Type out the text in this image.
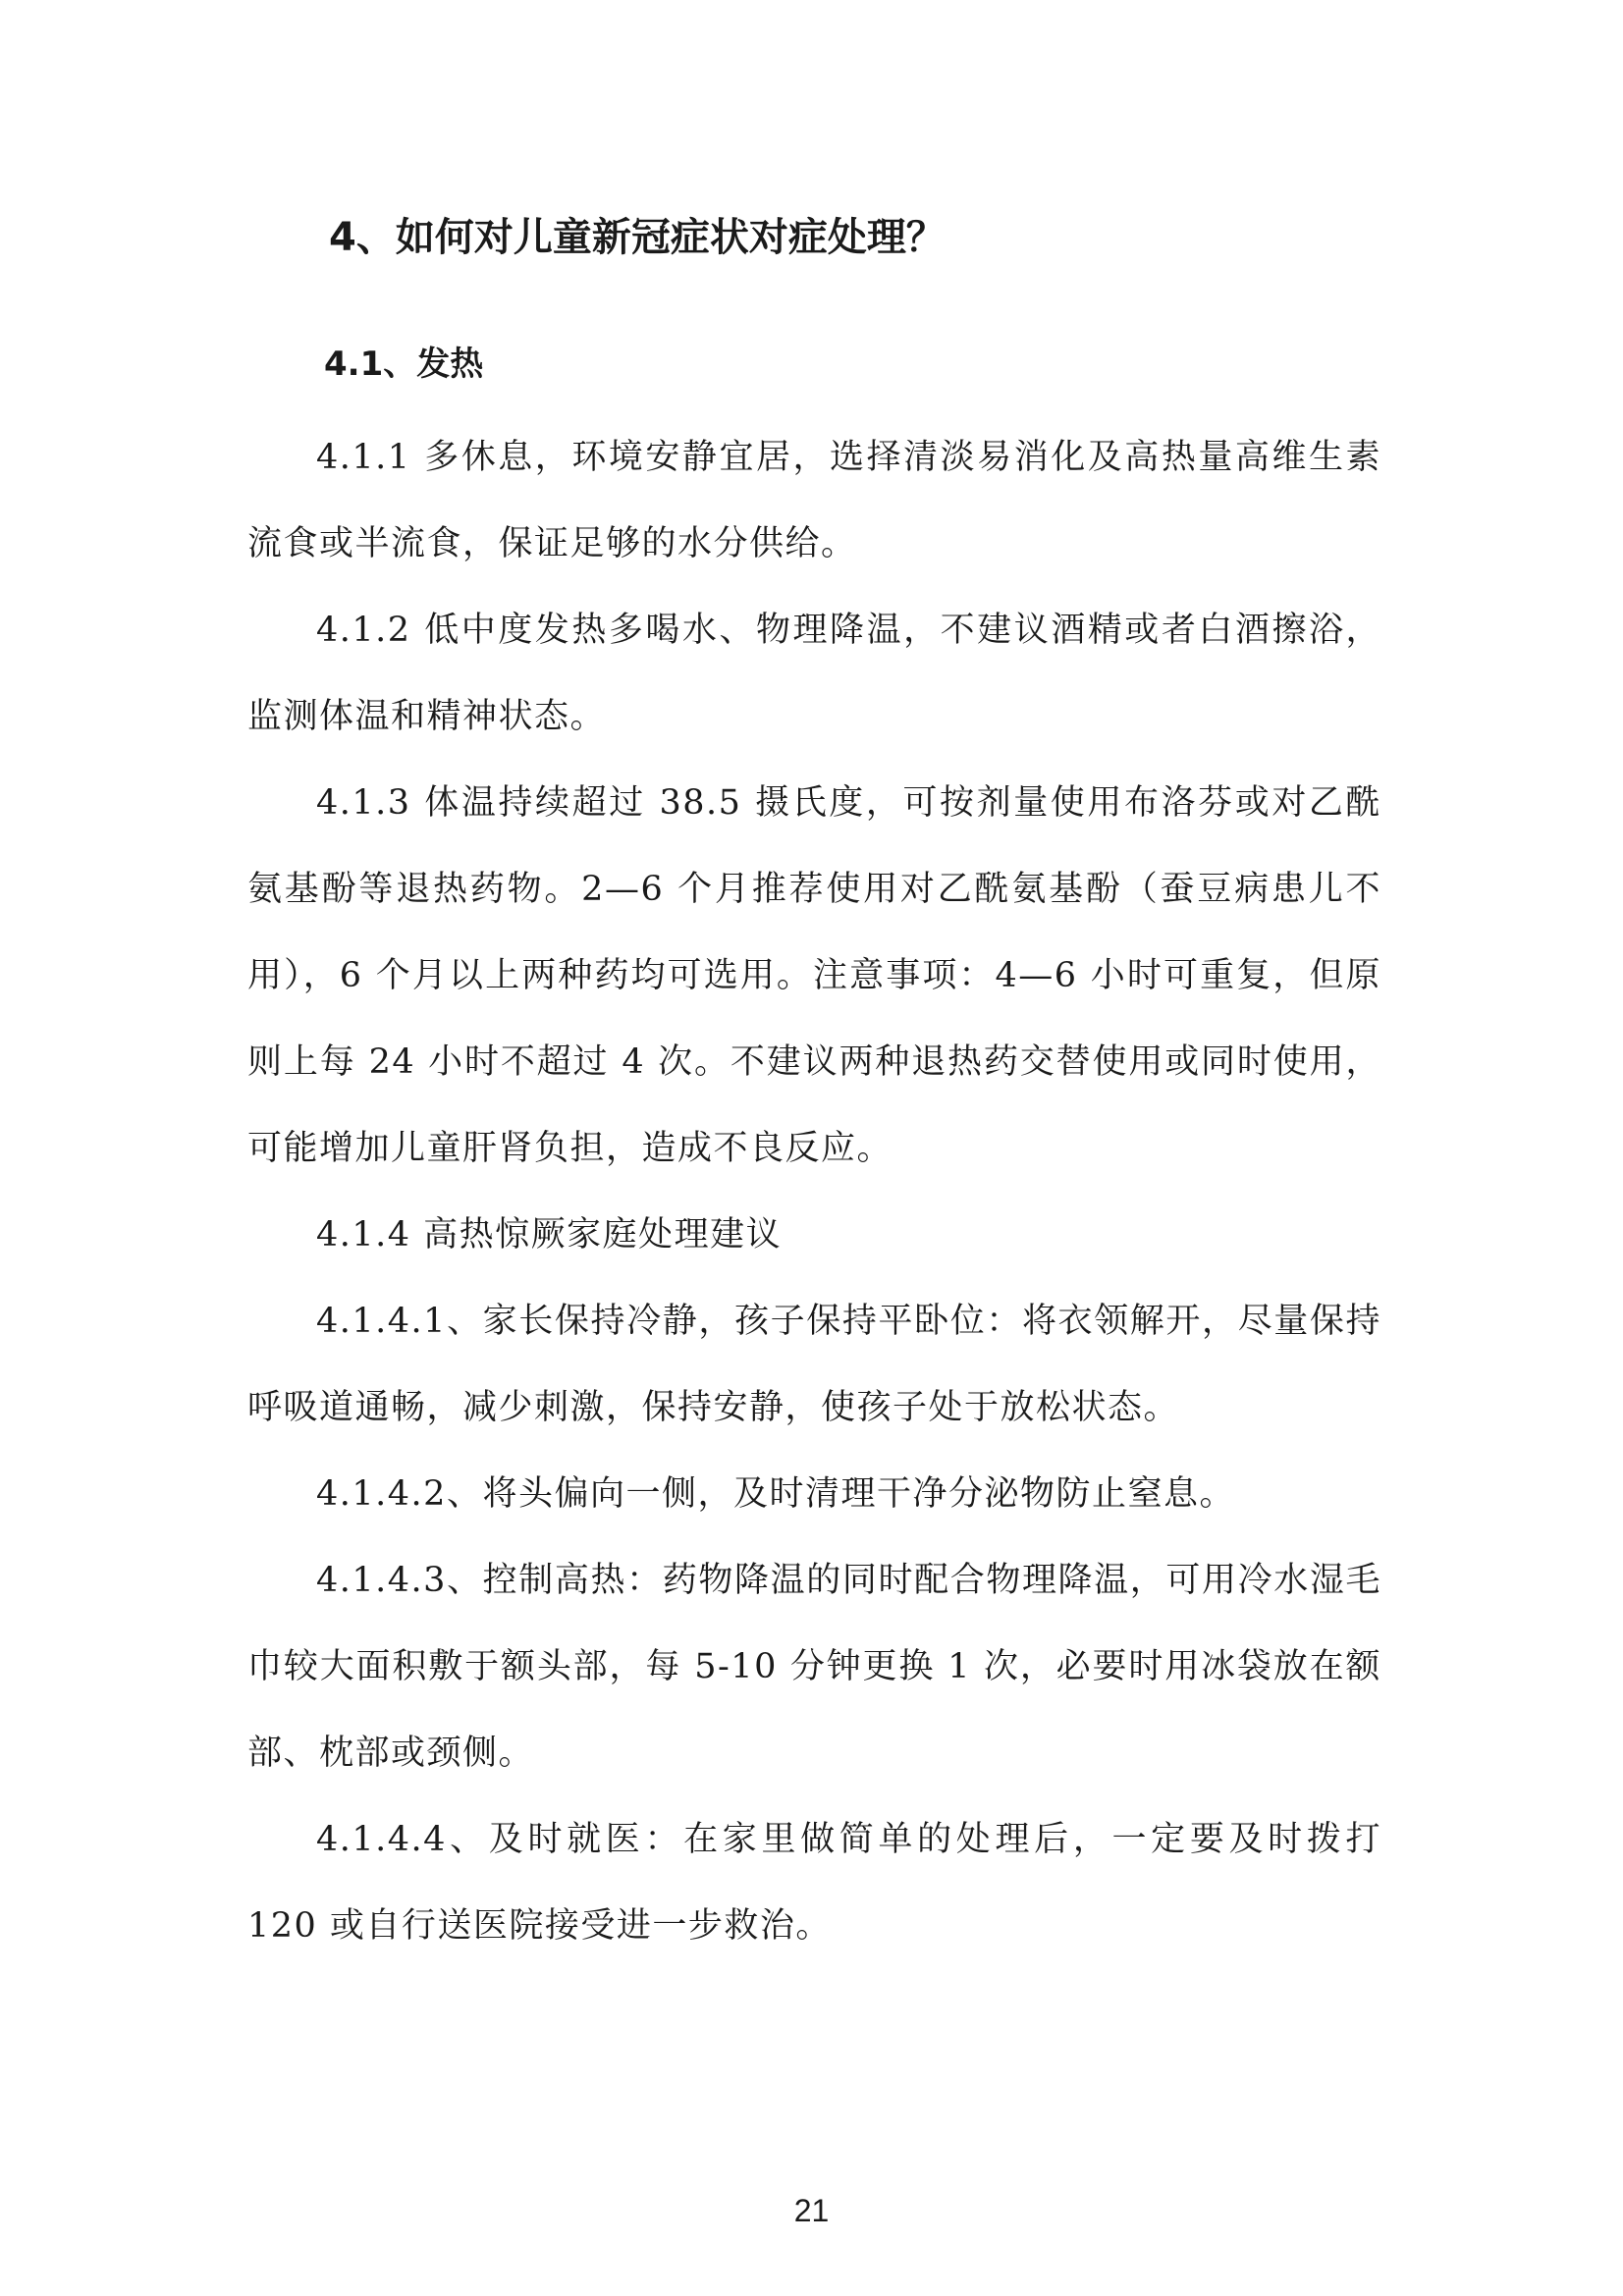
4、如何对儿童新冠症状对症处理？
4.1、发热

4.1.1 多休息，环境安静宜居，选择清淡易消化及高热量高维生素流食或半流食，保证足够的水分供给。

4.1.2 低中度发热多喝水、物理降温，不建议酒精或者白酒擦浴，监测体温和精神状态。

4.1.3 体温持续超过 38.5 摄氏度，可按剂量使用布洛芬或对乙酰氨基酚等退热药物。2—6 个月推荐使用对乙酰氨基酚（蚕豆病患儿不用），6 个月以上两种药均可选用。注意事项：4—6 小时可重复，但原则上每 24 小时不超过 4 次。不建议两种退热药交替使用或同时使用，可能增加儿童肝肾负担，造成不良反应。

4.1.4 高热惊厥家庭处理建议

4.1.4.1、家长保持冷静，孩子保持平卧位：将衣领解开，尽量保持呼吸道通畅，减少刺激，保持安静，使孩子处于放松状态。

4.1.4.2、将头偏向一侧，及时清理干净分泌物防止窒息。

4.1.4.3、控制高热：药物降温的同时配合物理降温，可用冷水湿毛巾较大面积敷于额头部，每 5-10 分钟更换 1 次，必要时用冰袋放在额部、枕部或颈侧。

4.1.4.4、及时就医：在家里做简单的处理后，一定要及时拨打 120 或自行送医院接受进一步救治。

21
